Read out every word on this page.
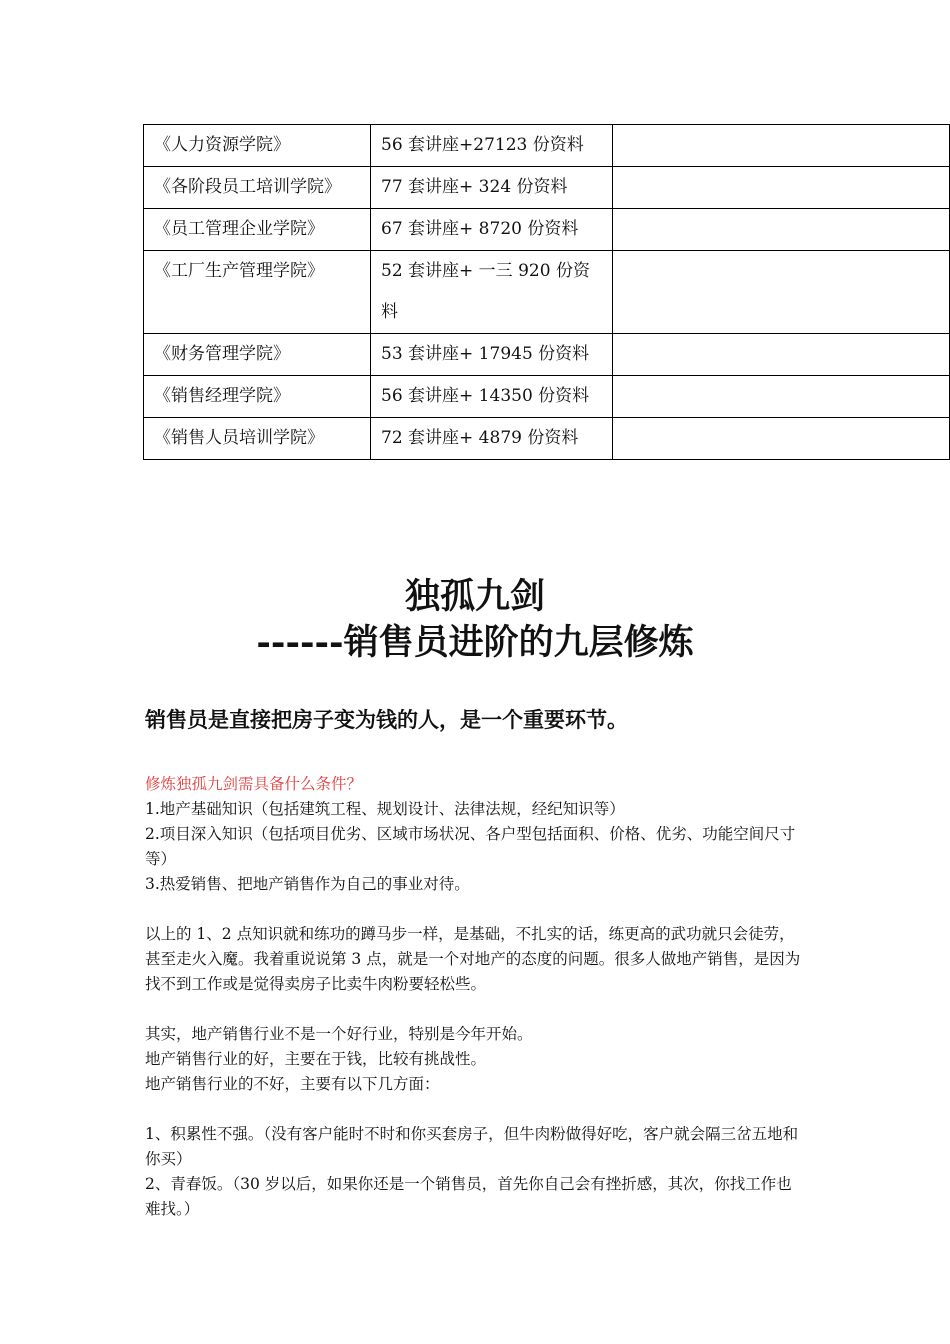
《人力资源学院》	56 套讲座+27123 份资料	
《各阶段员工培训学院》	77 套讲座+ 324 份资料	
《员工管理企业学院》	67 套讲座+ 8720 份资料	
《工厂生产管理学院》	52 套讲座+ 一三 920 份资料	
《财务管理学院》	53 套讲座+ 17945 份资料	
《销售经理学院》	56 套讲座+ 14350 份资料	
《销售人员培训学院》	72 套讲座+ 4879 份资料	
独孤九剑
------销售员进阶的九层修炼
销售员是直接把房子变为钱的人，是一个重要环节。

修炼独孤九剑需具备什么条件？

1.地产基础知识（包括建筑工程、规划设计、法律法规，经纪知识等）

2.项目深入知识（包括项目优劣、区域市场状况、各户型包括面积、价格、优劣、功能空间尺寸等）

3.热爱销售、把地产销售作为自己的事业对待。

以上的 1、2 点知识就和练功的蹲马步一样，是基础，不扎实的话，练更高的武功就只会徒劳，甚至走火入魔。我着重说说第 3 点，就是一个对地产的态度的问题。很多人做地产销售，是因为找不到工作或是觉得卖房子比卖牛肉粉要轻松些。

其实，地产销售行业不是一个好行业，特别是今年开始。

地产销售行业的好，主要在于钱，比较有挑战性。

地产销售行业的不好，主要有以下几方面：

1、积累性不强。（没有客户能时不时和你买套房子，但牛肉粉做得好吃，客户就会隔三岔五地和你买）

2、青春饭。（30 岁以后，如果你还是一个销售员，首先你自己会有挫折感，其次，你找工作也难找。）
